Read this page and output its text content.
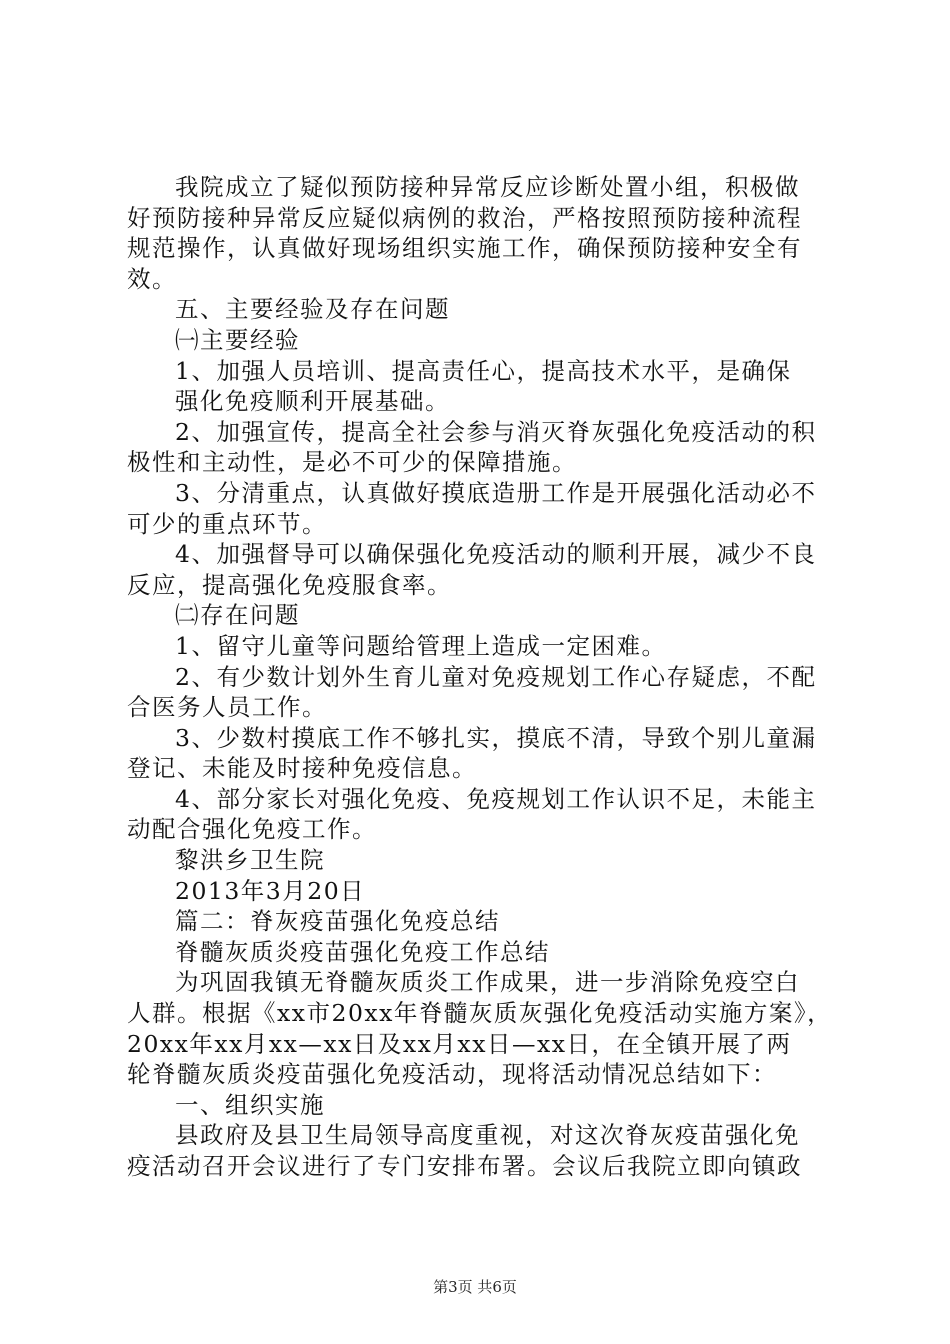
我院成立了疑似预防接种异常反应诊断处置小组，积极做
好预防接种异常反应疑似病例的救治，严格按照预防接种流程
规范操作，认真做好现场组织实施工作，确保预防接种安全有
效。
五、主要经验及存在问题
㈠主要经验
1、加强人员培训、提高责任心，提高技术水平，是确保
强化免疫顺利开展基础。
2、加强宣传，提高全社会参与消灭脊灰强化免疫活动的积
极性和主动性，是必不可少的保障措施。
3、分清重点，认真做好摸底造册工作是开展强化活动必不
可少的重点环节。
4、加强督导可以确保强化免疫活动的顺利开展，减少不良
反应，提高强化免疫服食率。
㈡存在问题
1、留守儿童等问题给管理上造成一定困难。
2、有少数计划外生育儿童对免疫规划工作心存疑虑，不配
合医务人员工作。
3、少数村摸底工作不够扎实，摸底不清，导致个别儿童漏
登记、未能及时接种免疫信息。
4、部分家长对强化免疫、免疫规划工作认识不足，未能主
动配合强化免疫工作。
黎洪乡卫生院
2013年3月20日
篇二：脊灰疫苗强化免疫总结
脊髓灰质炎疫苗强化免疫工作总结
为巩固我镇无脊髓灰质炎工作成果，进一步消除免疫空白
人群。根据《xx市20xx年脊髓灰质灰强化免疫活动实施方案》，
20xx年xx月xx—xx日及xx月xx日—xx日，在全镇开展了两
轮脊髓灰质炎疫苗强化免疫活动，现将活动情况总结如下：
一、组织实施
县政府及县卫生局领导高度重视，对这次脊灰疫苗强化免
疫活动召开会议进行了专门安排布署。会议后我院立即向镇政
第3页 共6页
